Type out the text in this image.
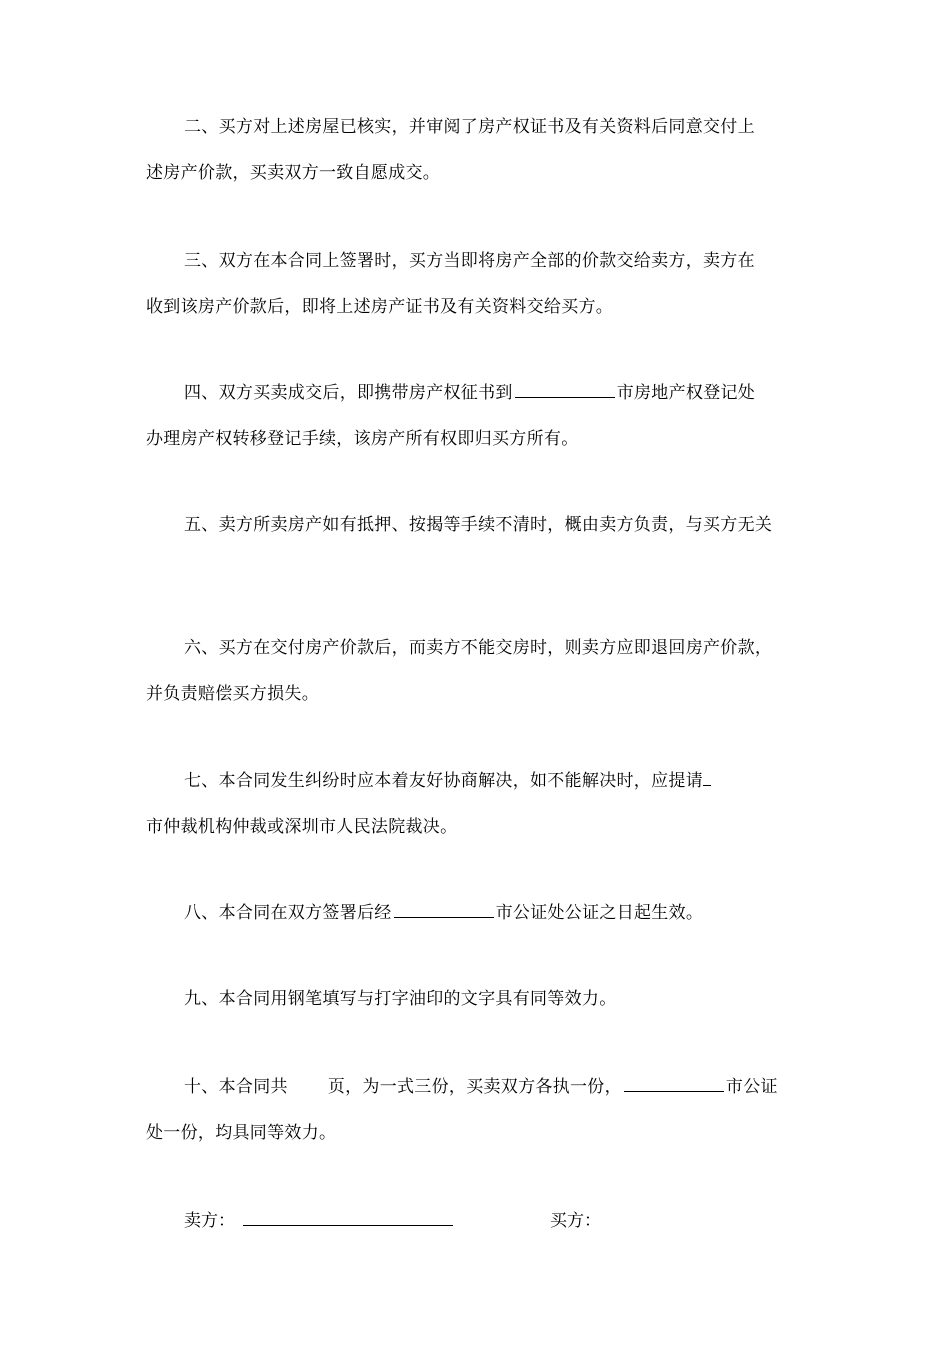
二、买方对上述房屋已核实，并审阅了房产权证书及有关资料后同意交付上
述房产价款，买卖双方一致自愿成交。
三、双方在本合同上签署时，买方当即将房产全部的价款交给卖方，卖方在
收到该房产价款后，即将上述房产证书及有关资料交给买方。
四、双方买卖成交后，即携带房产权征书到	市房地产权登记处
办理房产权转移登记手续，该房产所有权即归买方所有。
五、卖方所卖房产如有抵押、按揭等手续不清时，概由卖方负责，与买方无关
六、买方在交付房产价款后，而卖方不能交房时，则卖方应即退回房产价款，
并负责赔偿买方损失。
七、本合同发生纠纷时应本着友好协商解决，如不能解决时，应提请
市仲裁机构仲裁或深圳市人民法院裁决。
八、本合同在双方签署后经	市公证处公证之日起生效。
九、本合同用钢笔填写与打字油印的文字具有同等效力。
十、本合同共 页，为一式三份，买卖双方各执一份，	市公证
处一份，均具同等效力。
卖方：	买方：
